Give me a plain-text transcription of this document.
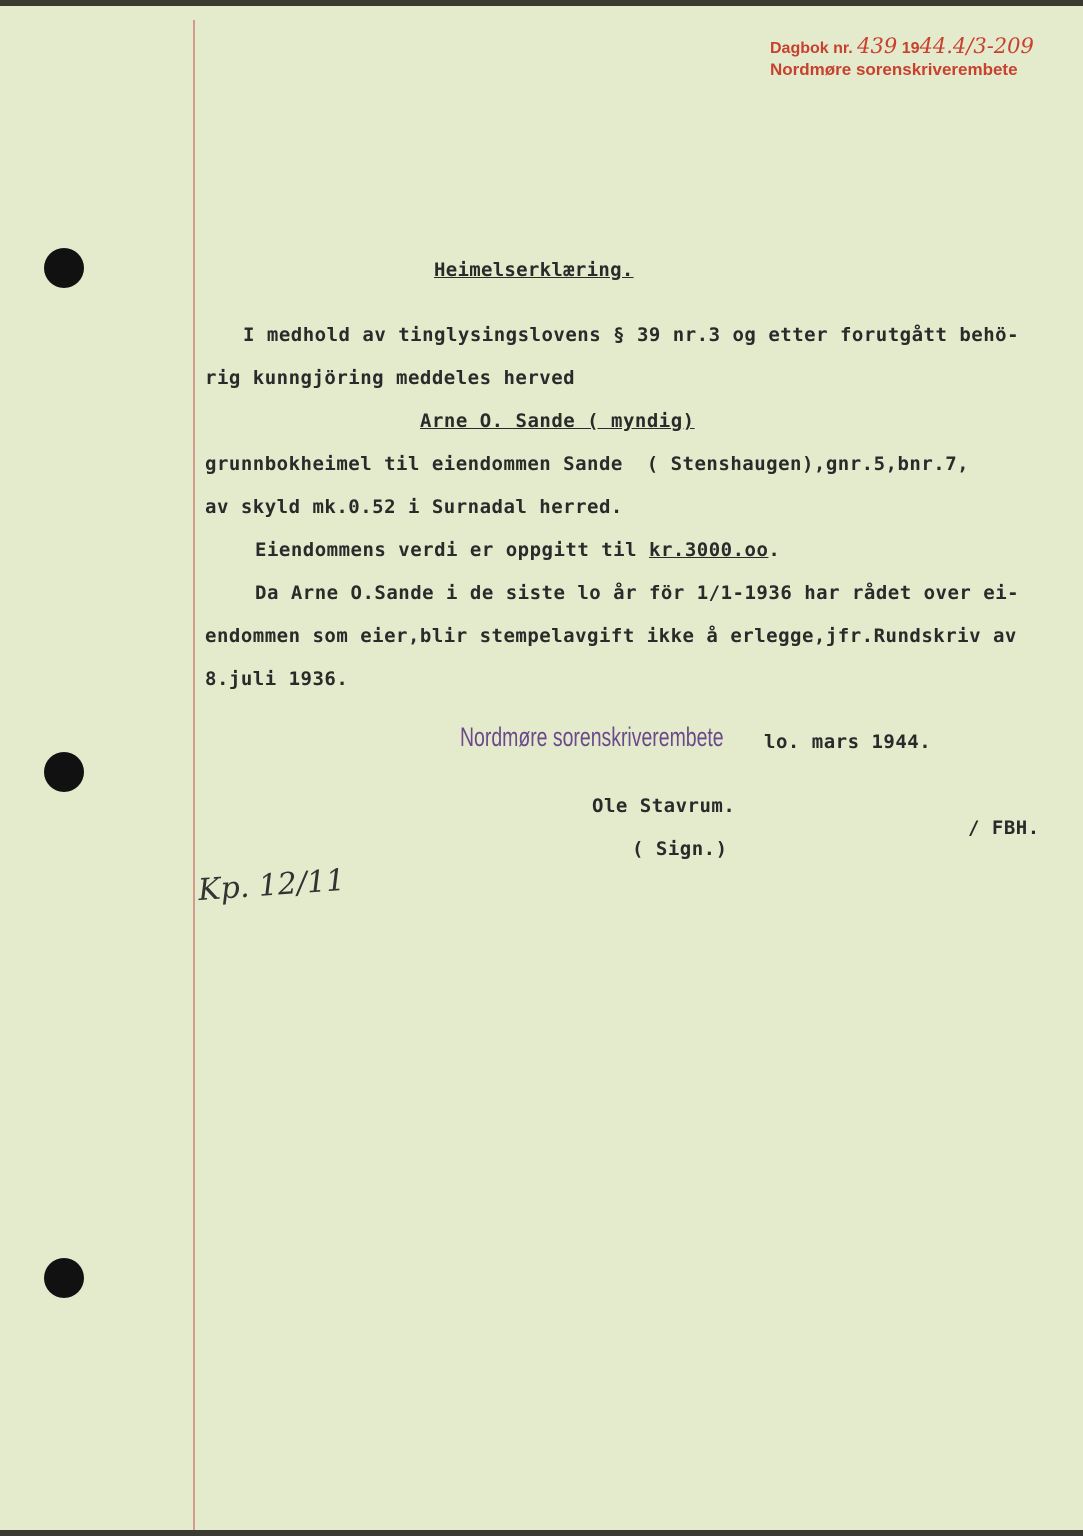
Dagbok nr. 439 1944.4/3-209
Nordmøre sorenskriverembete
Heimelserklæring.
I medhold av tinglysingslovens § 39 nr.3 og etter forutgått behö-
rig kunngjöring meddeles herved
Arne O. Sande ( myndig)
grunnbokheimel til eiendommen Sande  ( Stenshaugen),gnr.5,bnr.7,
av skyld mk.0.52 i Surnadal herred.
Eiendommens verdi er oppgitt til kr.3000.oo.
Da Arne O.Sande i de siste lo år för 1/1-1936 har rådet over ei-
endommen som eier,blir stempelavgift ikke å erlegge,jfr.Rundskriv av
8.juli 1936.
Nordmøre sorenskriverembete lo. mars 1944.
Ole Stavrum.
/ FBH.
( Sign.)
Kp. 12/11
